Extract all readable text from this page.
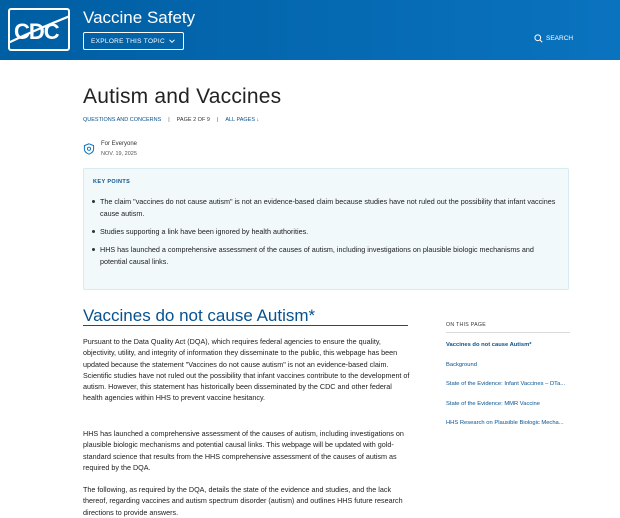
CDC
Vaccine Safety
EXPLORE THIS TOPIC	SEARCH
Autism and Vaccines
QUESTIONS AND CONCERNS | PAGE 2 OF 9 | ALL PAGES ↓
For Everyone
NOV. 19, 2025
KEY POINTS
The claim "vaccines do not cause autism" is not an evidence-based claim because studies have not ruled out the possibility that infant vaccines cause autism.
Studies supporting a link have been ignored by health authorities.
HHS has launched a comprehensive assessment of the causes of autism, including investigations on plausible biologic mechanisms and potential causal links.
Vaccines do not cause Autism*

Pursuant to the Data Quality Act (DQA), which requires federal agencies to ensure the quality, objectivity, utility, and integrity of information they disseminate to the public, this webpage has been updated because the statement "Vaccines do not cause autism" is not an evidence-based claim. Scientific studies have not ruled out the possibility that infant vaccines contribute to the development of autism. However, this statement has historically been disseminated by the CDC and other federal health agencies within HHS to prevent vaccine hesitancy.

HHS has launched a comprehensive assessment of the causes of autism, including investigations on plausible biologic mechanisms and potential causal links. This webpage will be updated with gold-standard science that results from the HHS comprehensive assessment of the causes of autism as required by the DQA.

The following, as required by the DQA, details the state of the evidence and studies, and the lack thereof, regarding vaccines and autism spectrum disorder (autism) and outlines HHS future research directions to provide answers.

ON THIS PAGE
Vaccines do not cause Autism*
Background
State of the Evidence: Infant Vaccines – DTa...
State of the Evidence: MMR Vaccine
HHS Research on Plausible Biologic Mecha...
